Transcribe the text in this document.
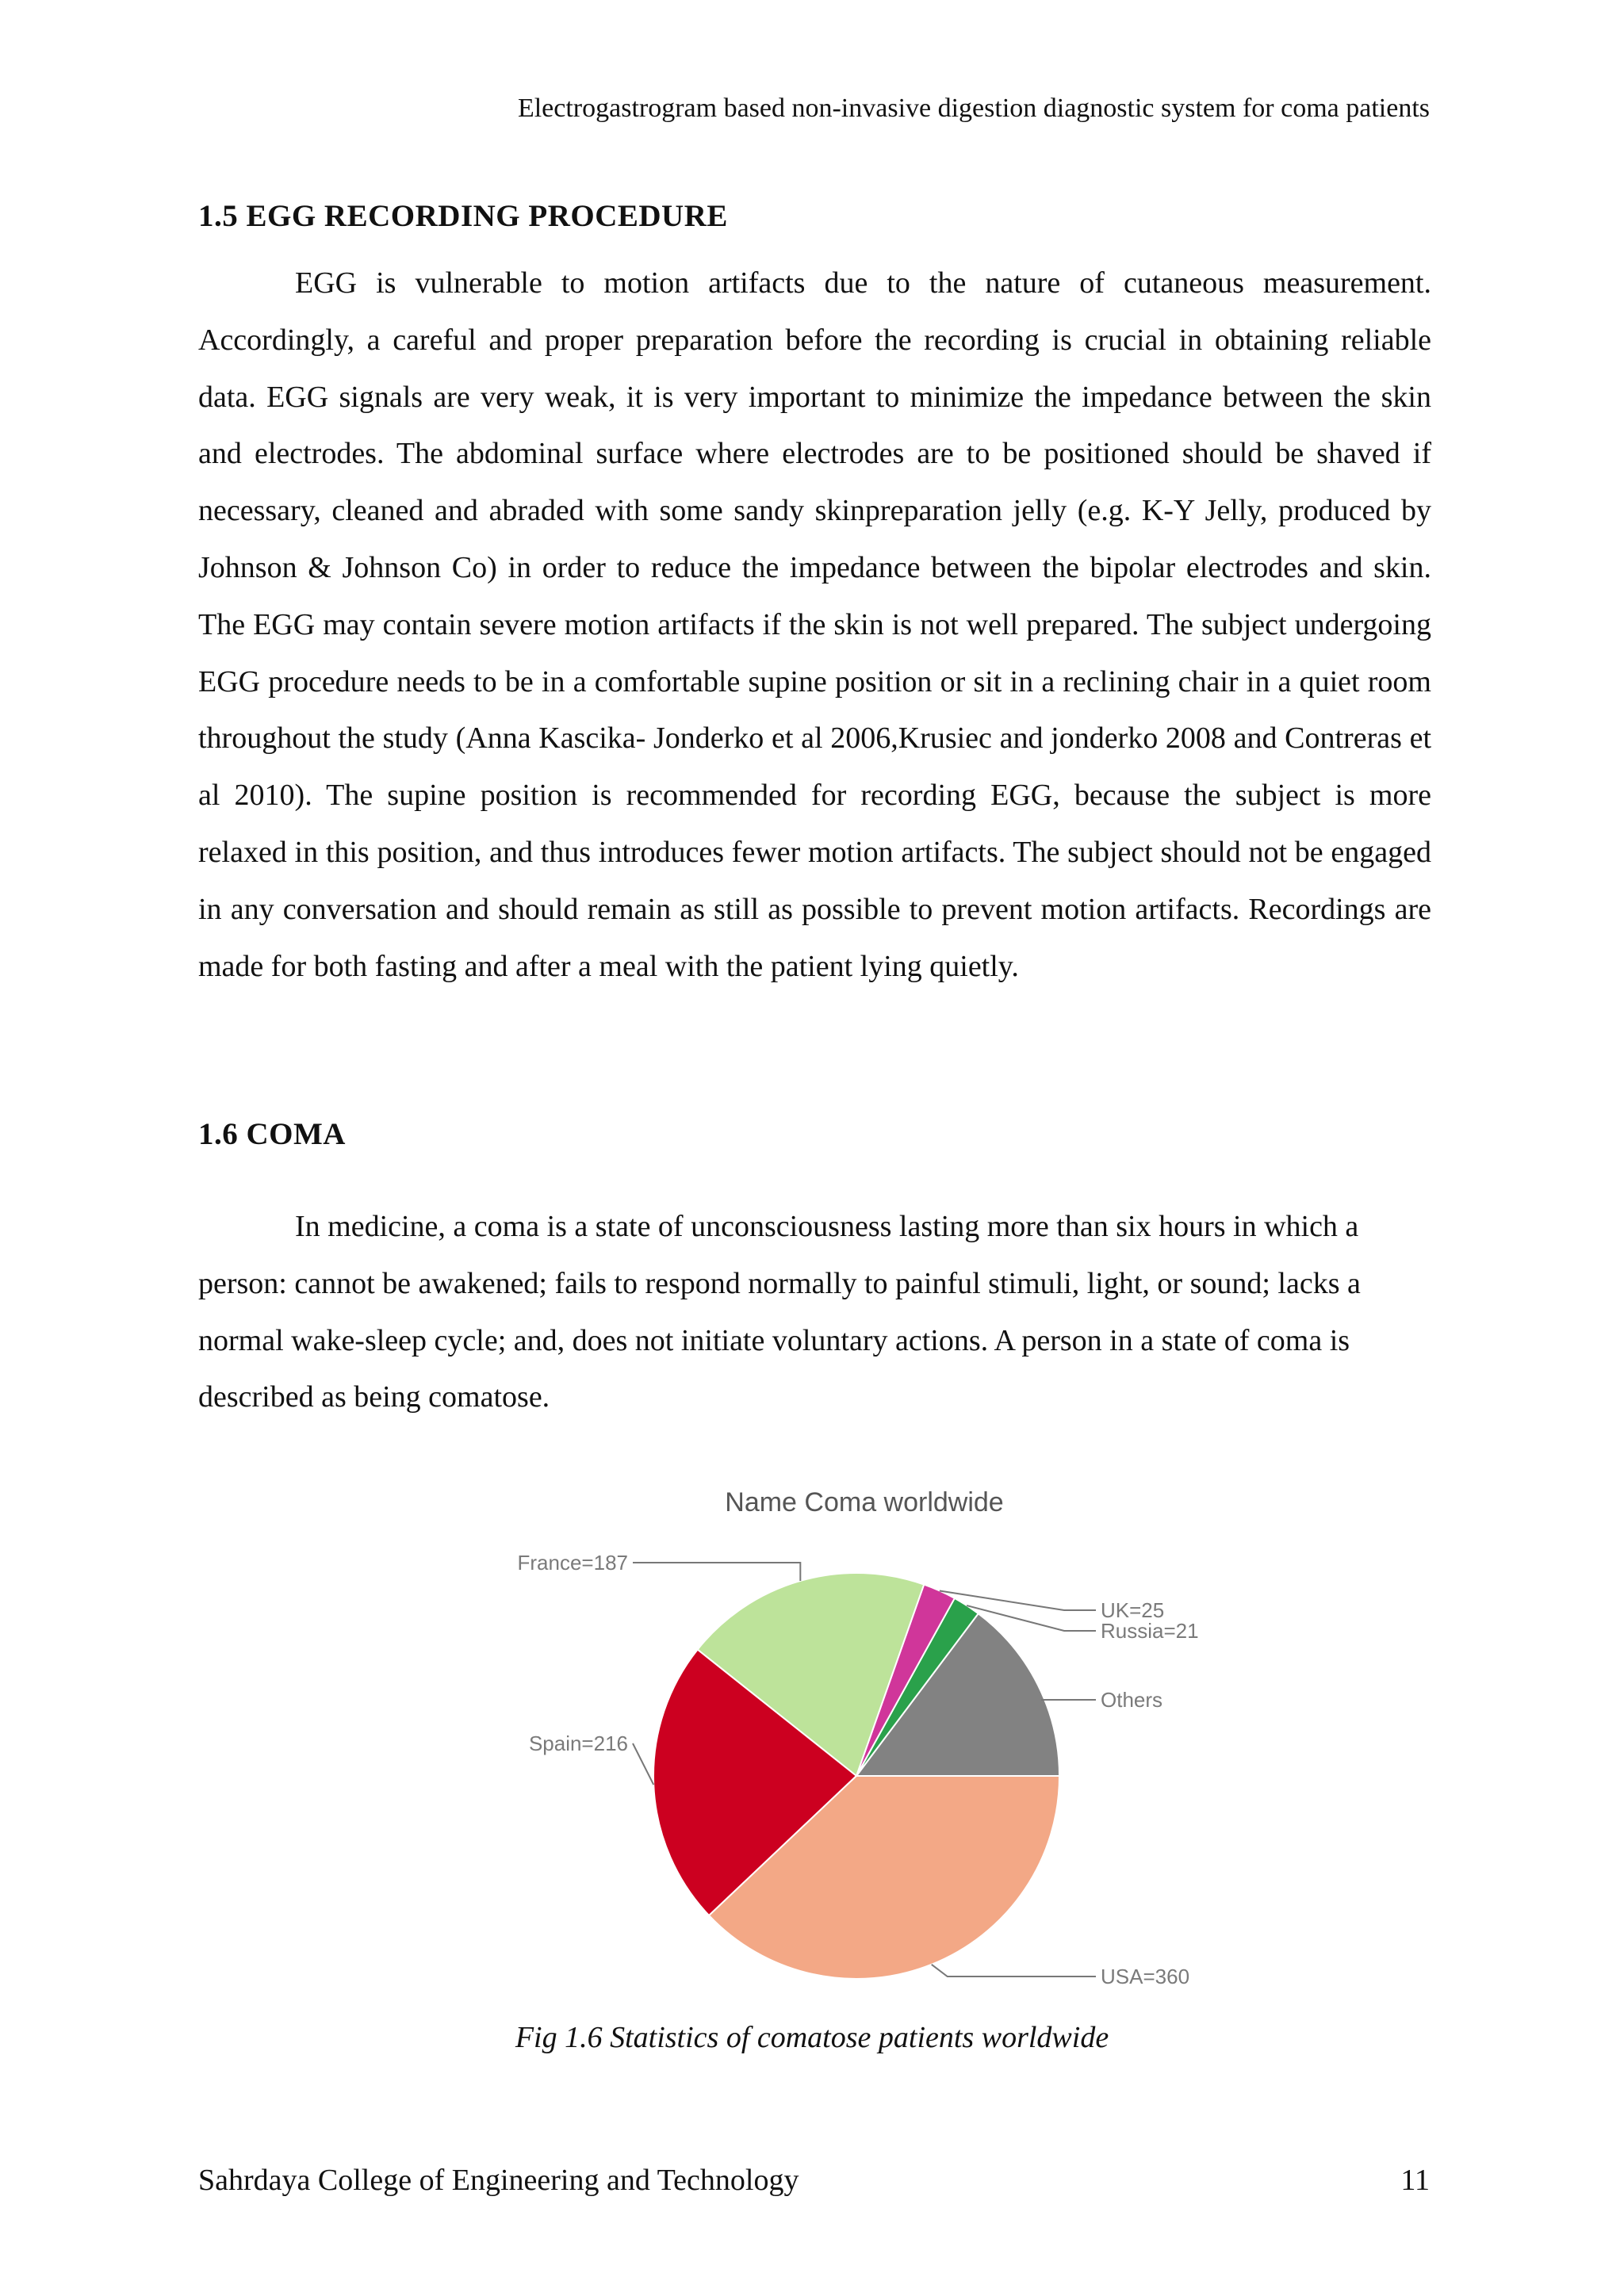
Electrogastrogram based non-invasive digestion diagnostic system for coma patients
1.5 EGG RECORDING PROCEDURE
EGG is vulnerable to motion artifacts due to the nature of cutaneous measurement. Accordingly, a careful and proper preparation before the recording is crucial in obtaining reliable data. EGG signals are very weak, it is very important to minimize the impedance between the skin and electrodes. The abdominal surface where electrodes are to be positioned should be shaved if necessary, cleaned and abraded with some sandy skinpreparation jelly (e.g. K-Y Jelly, produced by Johnson & Johnson Co) in order to reduce the impedance between the bipolar electrodes and skin. The EGG may contain severe motion artifacts if the skin is not well prepared. The subject undergoing EGG procedure needs to be in a comfortable supine position or sit in a reclining chair in a quiet room throughout the study (Anna Kascika- Jonderko et al 2006,Krusiec and jonderko 2008 and Contreras et al 2010). The supine position is recommended for recording EGG, because the subject is more relaxed in this position, and thus introduces fewer motion artifacts. The subject should not be engaged in any conversation and should remain as still as possible to prevent motion artifacts. Recordings are made for both fasting and after a meal with the patient lying quietly.
1.6 COMA
In medicine, a coma is a state of unconsciousness lasting more than six hours in which a person: cannot be awakened; fails to respond normally to painful stimuli, light, or sound; lacks a normal wake-sleep cycle; and, does not initiate voluntary actions. A person in a state of coma is described as being comatose.
Name Coma worldwide
Others
Russia=21
UK=25
France=187
Spain=216
USA=360
Fig 1.6 Statistics of comatose patients worldwide
Sahrdaya College of Engineering and Technology	11
